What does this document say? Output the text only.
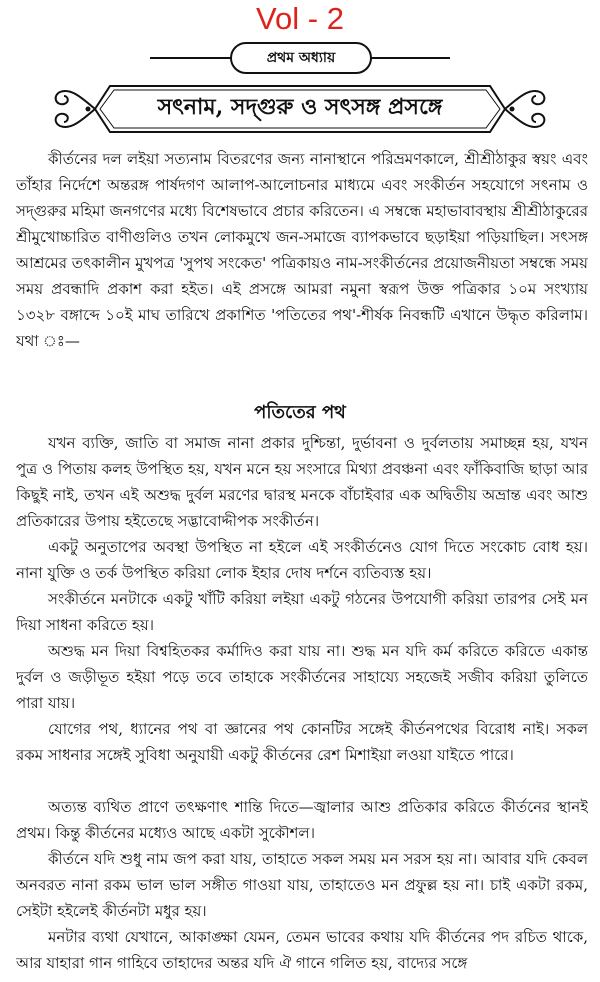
Vol - 2
প্রথম অধ্যায়
সৎনাম, সদ্‌গুরু ও সৎসঙ্গ প্রসঙ্গে

কীর্তনের দল লইয়া সত্যনাম বিতরণের জন্য নানাস্থানে পরিভ্রমণকালে, শ্রীশ্রীঠাকুর স্বয়ং এবং তাঁহার নির্দেশে অন্তরঙ্গ পার্ষদগণ আলাপ-আলোচনার মাধ্যমে এবং সংকীর্তন সহযোগে সৎনাম ও সদ্‌গুরুর মহিমা জনগণের মধ্যে বিশেষভাবে প্রচার করিতেন। এ সম্বন্ধে মহাভাবাবস্থায় শ্রীশ্রীঠাকুরের শ্রীমুখোচ্চারিত বাণীগুলিও তখন লোকমুখে জন-সমাজে ব্যাপকভাবে ছড়াইয়া পড়িয়াছিল। সৎসঙ্গ আশ্রমের তৎকালীন মুখপত্র 'সুপথ সংকেত' পত্রিকায়ও নাম-সংকীর্তনের প্রয়োজনীয়তা সম্বন্ধে সময় সময় প্রবন্ধাদি প্রকাশ করা হইত। এই প্রসঙ্গে আমরা নমুনা স্বরূপ উক্ত পত্রিকার ১০ম সংখ্যায় ১৩২৮ বঙ্গাব্দে ১০ই মাঘ তারিখে প্রকাশিত 'পতিতের পথ'-শীর্ষক নিবন্ধটি এখানে উদ্ধৃত করিলাম। যথা ঃ—

পতিতের পথ

যখন ব্যক্তি, জাতি বা সমাজ নানা প্রকার দুশ্চিন্তা, দুর্ভাবনা ও দুর্বলতায় সমাচ্ছন্ন হয়, যখন পুত্র ও পিতায় কলহ উপস্থিত হয়, যখন মনে হয় সংসারে মিথ্যা প্রবঞ্চনা এবং ফাঁকিবাজি ছাড়া আর কিছুই নাই, তখন এই অশুদ্ধ দুর্বল মরণের দ্বারস্থ মনকে বাঁচাইবার এক অদ্বিতীয় অভ্রান্ত এবং আশু প্রতিকারের উপায় হইতেছে সদ্ভাবোদ্দীপক সংকীর্তন।

একটু অনুতাপের অবস্থা উপস্থিত না হইলে এই সংকীর্তনেও যোগ দিতে সংকোচ বোধ হয়। নানা যুক্তি ও তর্ক উপস্থিত করিয়া লোক ইহার দোষ দর্শনে ব্যতিব্যস্ত হয়।

সংকীর্তনে মনটাকে একটু খাঁটি করিয়া লইয়া একটু গঠনের উপযোগী করিয়া তারপর সেই মন দিয়া সাধনা করিতে হয়।

অশুদ্ধ মন দিয়া বিশ্বহিতকর কর্মাদিও করা যায় না। শুদ্ধ মন যদি কর্ম করিতে করিতে একান্ত দুর্বল ও জড়ীভূত হইয়া পড়ে তবে তাহাকে সংকীর্তনের সাহায্যে সহজেই সজীব করিয়া তুলিতে পারা যায়।

যোগের পথ, ধ্যানের পথ বা জ্ঞানের পথ কোনটির সঙ্গেই কীর্তনপথের বিরোধ নাই। সকল রকম সাধনার সঙ্গেই সুবিধা অনুযায়ী একটু কীর্তনের রেশ মিশাইয়া লওয়া যাইতে পারে।

অত্যন্ত ব্যথিত প্রাণে তৎক্ষণাৎ শান্তি দিতে—জ্বালার আশু প্রতিকার করিতে কীর্তনের স্থানই প্রথম। কিন্তু কীর্তনের মধ্যেও আছে একটা সুকৌশল।

কীর্তনে যদি শুধু নাম জপ করা যায়, তাহাতে সকল সময় মন সরস হয় না। আবার যদি কেবল অনবরত নানা রকম ভাল ভাল সঙ্গীত গাওয়া যায়, তাহাতেও মন প্রফুল্ল হয় না। চাই একটা রকম, সেইটা হইলেই কীর্তনটা মধুর হয়।

মনটার ব্যথা যেখানে, আকাঙ্ক্ষা যেমন, তেমন ভাবের কথায় যদি কীর্তনের পদ রচিত থাকে, আর যাহারা গান গাহিবে তাহাদের অন্তর যদি ঐ গানে গলিত হয়, বাদ্যের সঙ্গে
